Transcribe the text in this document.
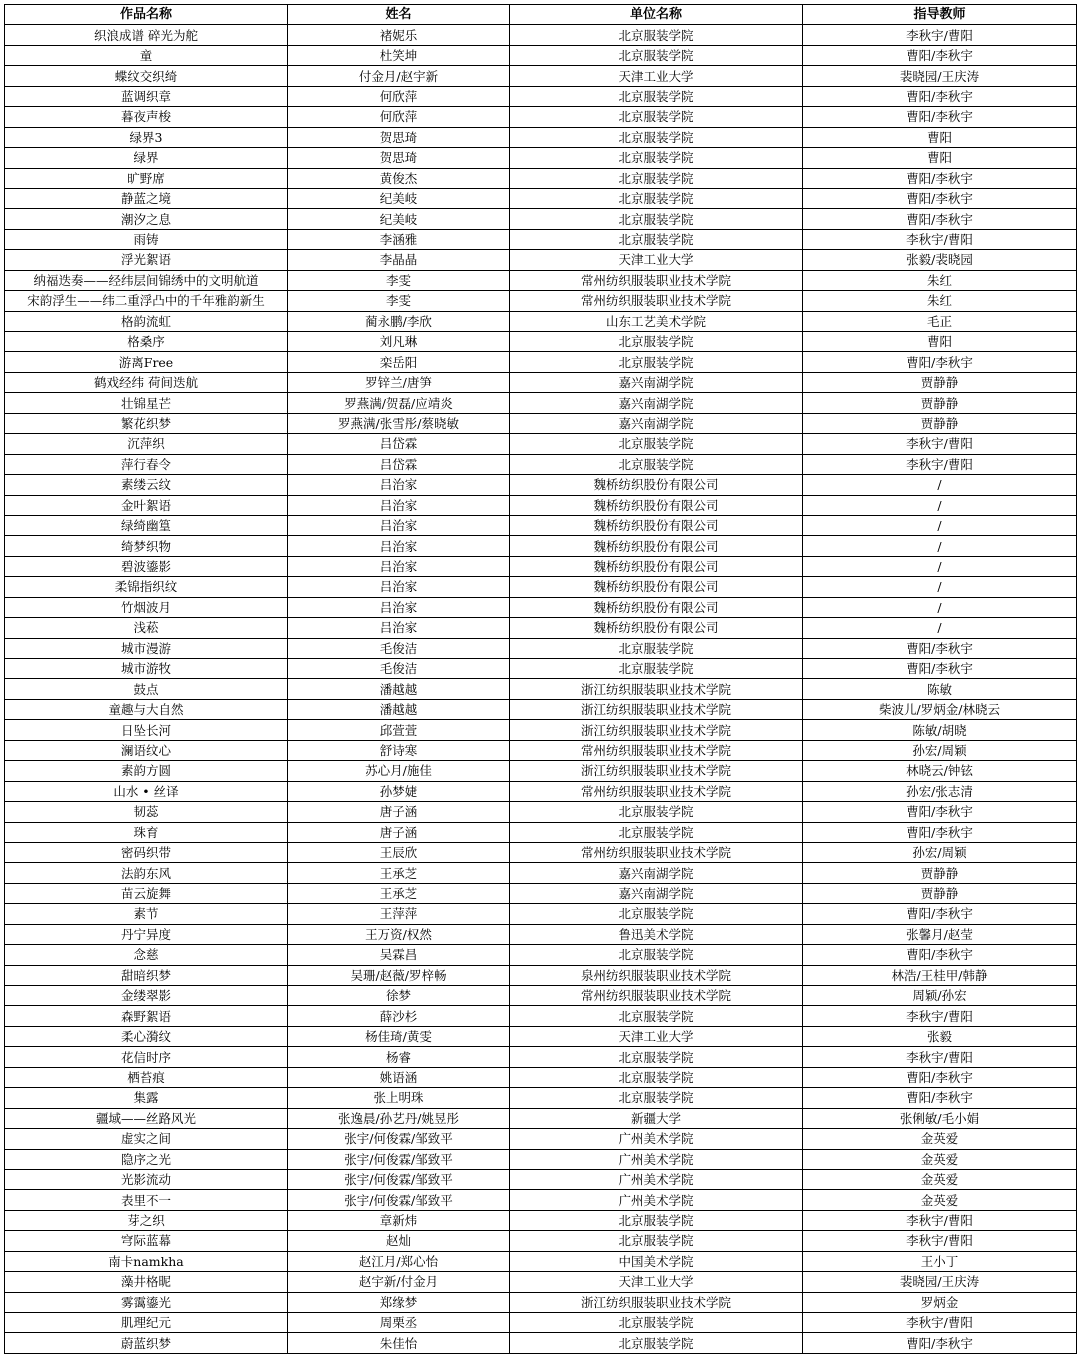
作品名称	姓名	单位名称	指导教师
织浪成谱 碎光为舵	褚妮乐	北京服装学院	李秋宇/曹阳
童	杜笑坤	北京服装学院	曹阳/李秋宇
蝶纹交织绮	付金月/赵宇新	天津工业大学	裴晓园/王庆涛
蓝调织章	何欣萍	北京服装学院	曹阳/李秋宇
暮夜声梭	何欣萍	北京服装学院	曹阳/李秋宇
绿界3	贺思琦	北京服装学院	曹阳
绿界	贺思琦	北京服装学院	曹阳
旷野席	黄俊杰	北京服装学院	曹阳/李秋宇
静蓝之境	纪美岐	北京服装学院	曹阳/李秋宇
潮汐之息	纪美岐	北京服装学院	曹阳/李秋宇
雨铸	李涵雅	北京服装学院	李秋宇/曹阳
浮光絮语	李晶晶	天津工业大学	张毅/裴晓园
纳福迭奏——经纬层间锦绣中的文明航道	李雯	常州纺织服装职业技术学院	朱红
宋韵浮生——纬二重浮凸中的千年雅韵新生	李雯	常州纺织服装职业技术学院	朱红
格韵流虹	蔺永鹏/李欣	山东工艺美术学院	毛正
格桑序	刘凡琳	北京服装学院	曹阳
游离Free	栾岳阳	北京服装学院	曹阳/李秋宇
鹤戏经纬 荷间迭航	罗锌兰/唐笋	嘉兴南湖学院	贾静静
壮锦星芒	罗燕满/贺磊/应靖炎	嘉兴南湖学院	贾静静
繁花织梦	罗燕满/张雪彤/蔡晓敏	嘉兴南湖学院	贾静静
沉萍织	吕岱霖	北京服装学院	李秋宇/曹阳
萍行春令	吕岱霖	北京服装学院	李秋宇/曹阳
素缕云纹	吕治家	魏桥纺织股份有限公司	/
金叶絮语	吕治家	魏桥纺织股份有限公司	/
绿绮幽篁	吕治家	魏桥纺织股份有限公司	/
绮梦织物	吕治家	魏桥纺织股份有限公司	/
碧波鎏影	吕治家	魏桥纺织股份有限公司	/
柔锦指织纹	吕治家	魏桥纺织股份有限公司	/
竹烟波月	吕治家	魏桥纺织股份有限公司	/
浅菘	吕治家	魏桥纺织股份有限公司	/
城市漫游	毛俊洁	北京服装学院	曹阳/李秋宇
城市游牧	毛俊洁	北京服装学院	曹阳/李秋宇
鼓点	潘越越	浙江纺织服装职业技术学院	陈敏
童趣与大自然	潘越越	浙江纺织服装职业技术学院	柴波儿/罗炳金/林晓云
日坠长河	邱萱萱	浙江纺织服装职业技术学院	陈敏/胡晓
澜语纹心	舒诗寒	常州纺织服装职业技术学院	孙宏/周颖
素韵方圆	苏心月/施佳	浙江纺织服装职业技术学院	林晓云/钟铉
山水 • 丝译	孙梦婕	常州纺织服装职业技术学院	孙宏/张志清
韧蕊	唐子涵	北京服装学院	曹阳/李秋宇
珠育	唐子涵	北京服装学院	曹阳/李秋宇
密码织带	王辰欣	常州纺织服装职业技术学院	孙宏/周颖
法韵东风	王承芝	嘉兴南湖学院	贾静静
苗云旋舞	王承芝	嘉兴南湖学院	贾静静
素节	王萍萍	北京服装学院	曹阳/李秋宇
丹宁异度	王万资/权然	鲁迅美术学院	张馨月/赵莹
念慈	吴霖昌	北京服装学院	曹阳/李秋宇
甜暗织梦	吴珊/赵薇/罗梓畅	泉州纺织服装职业技术学院	林浩/王桂甲/韩静
金缕翠影	徐梦	常州纺织服装职业技术学院	周颖/孙宏
森野絮语	薛沙杉	北京服装学院	李秋宇/曹阳
柔心漪纹	杨佳琦/黄雯	天津工业大学	张毅
花信时序	杨睿	北京服装学院	李秋宇/曹阳
栖苔痕	姚语涵	北京服装学院	曹阳/李秋宇
集露	张上明珠	北京服装学院	曹阳/李秋宇
疆域——丝路风光	张逸晨/孙艺丹/姚昱彤	新疆大学	张俐敏/毛小娟
虚实之间	张宇/何俊霖/邹致平	广州美术学院	金英爱
隐序之光	张宇/何俊霖/邹致平	广州美术学院	金英爱
光影流动	张宇/何俊霖/邹致平	广州美术学院	金英爱
表里不一	张宇/何俊霖/邹致平	广州美术学院	金英爱
芽之织	章新炜	北京服装学院	李秋宇/曹阳
穹际蓝幕	赵灿	北京服装学院	李秋宇/曹阳
南卡namkha	赵江月/郑心怡	中国美术学院	王小丁
藻井格昵	赵宇新/付金月	天津工业大学	裴晓园/王庆涛
雾霭鎏光	郑缘梦	浙江纺织服装职业技术学院	罗炳金
肌理纪元	周栗丞	北京服装学院	李秋宇/曹阳
蔚蓝织梦	朱佳怡	北京服装学院	曹阳/李秋宇
